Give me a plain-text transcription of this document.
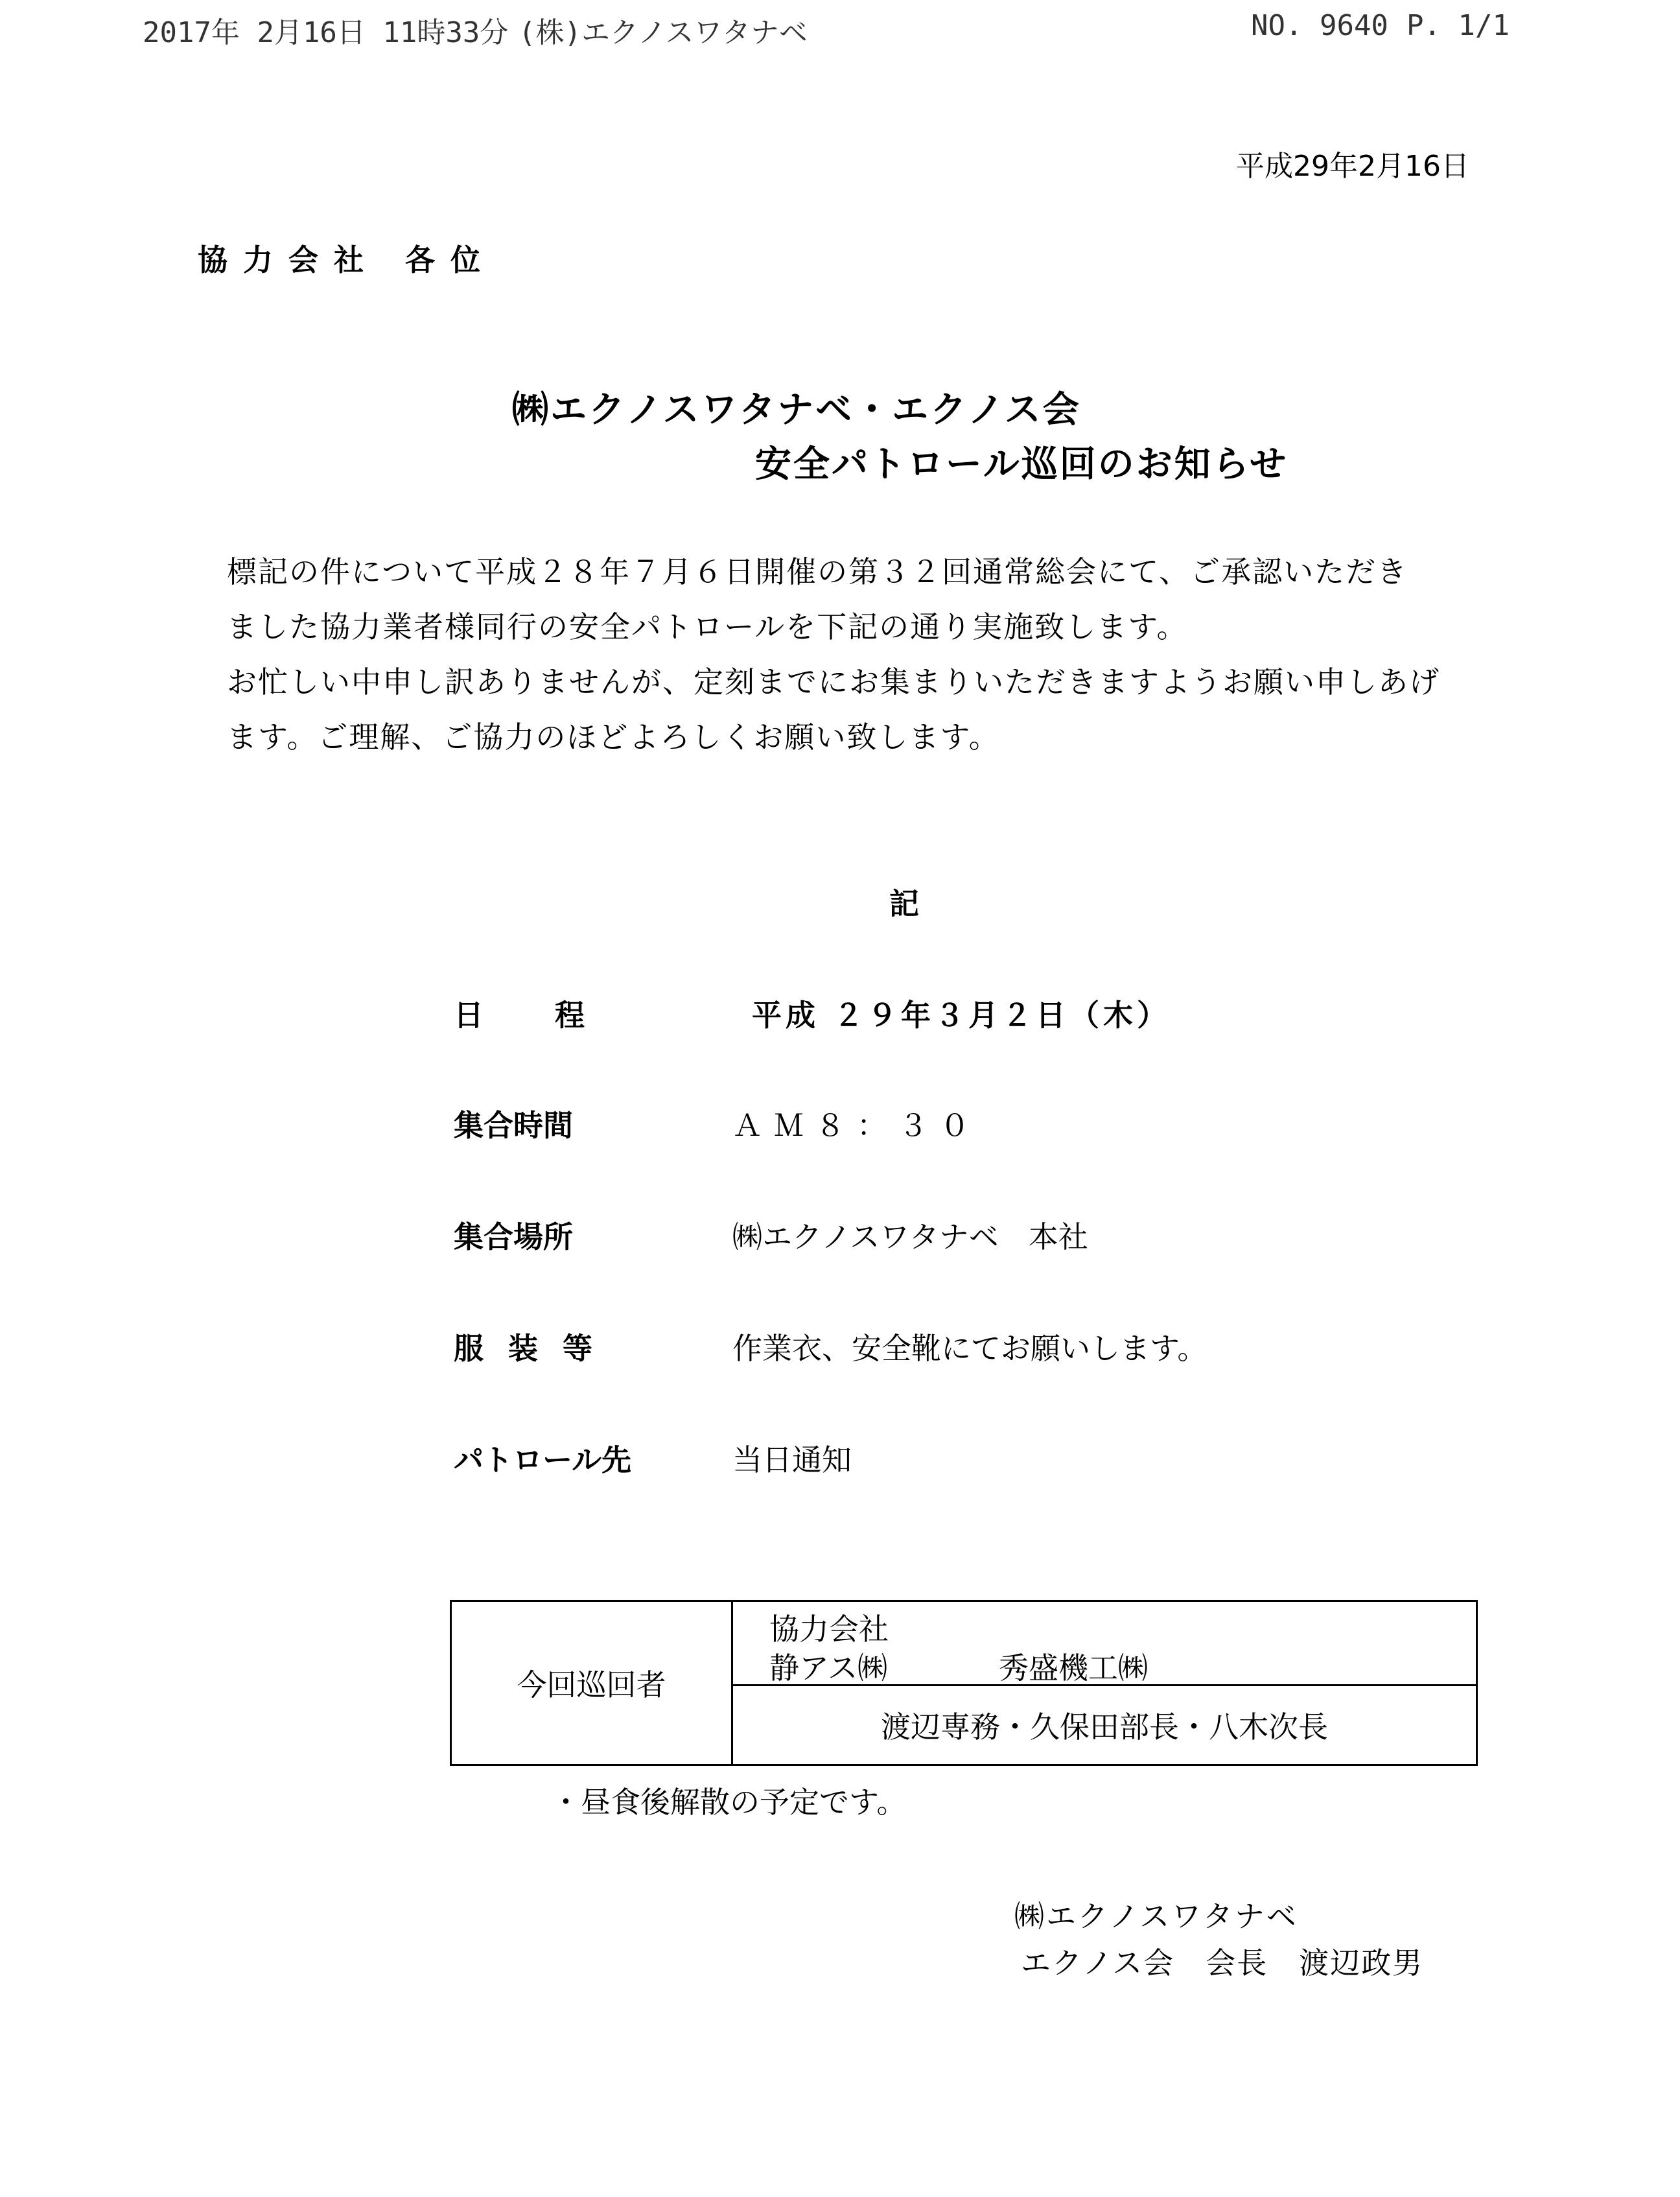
2017年 2月16日 11時33分 (株)エクノスワタナベ	NO. 9640 P. 1/1
平成29年2月16日
協力会社 各位
㈱エクノスワタナベ・エクノス会
安全パトロール巡回のお知らせ
標記の件について平成２８年７月６日開催の第３２回通常総会にて、ご承認いただき
ました協力業者様同行の安全パトロールを下記の通り実施致します。
お忙しい中申し訳ありませんが、定刻までにお集まりいただきますようお願い申しあげ
ます。ご理解、ご協力のほどよろしくお願い致します。
記
日程	平成 ２９年３月２日（木）
集合時間	ＡＭ８：３０
集合場所	㈱エクノスワタナベ　本社
服装等	作業衣、安全靴にてお願いします。
パトロール先	当日通知
今回巡回者
協力会社
静アス㈱	秀盛機工㈱
渡辺専務・久保田部長・八木次長
・昼食後解散の予定です。
㈱エクノスワタナベ
エクノス会　会長　渡辺政男
